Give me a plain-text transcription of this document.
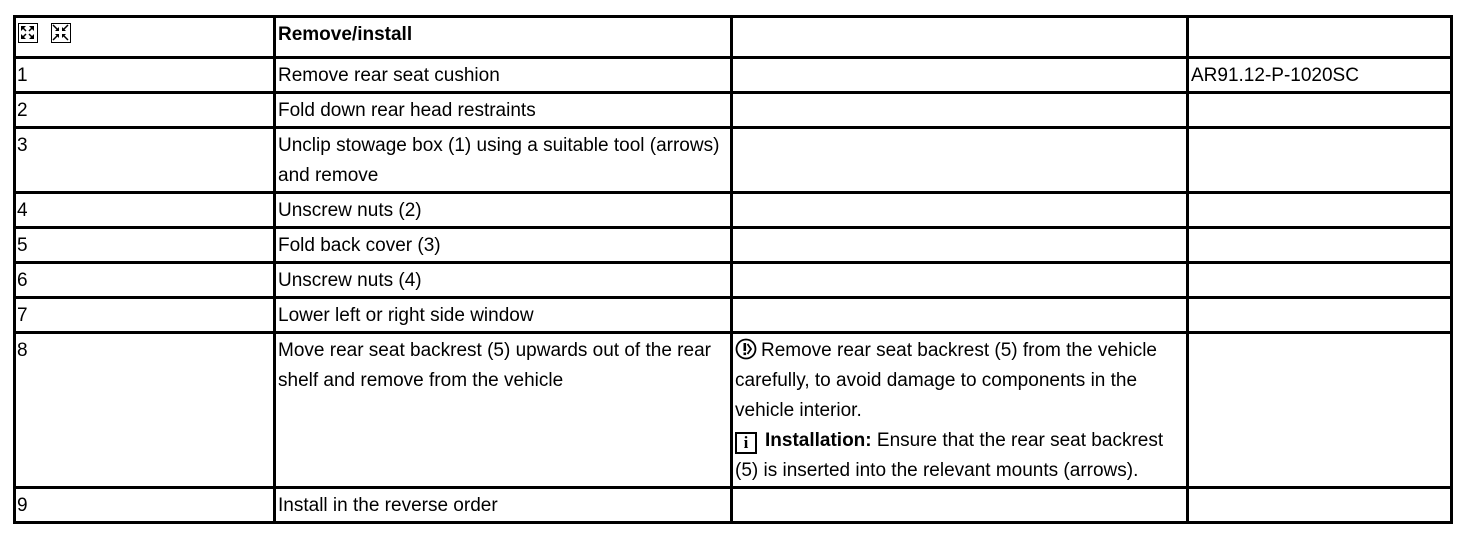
	Remove/install		
1	Remove rear seat cushion		AR91.12-P-1020SC
2	Fold down rear head restraints		
3	Unclip stowage box (1) using a suitable tool (arrows) and remove		
4	Unscrew nuts (2)		
5	Fold back cover (3)		
6	Unscrew nuts (4)		
7	Lower left or right side window		
8	Move rear seat backrest (5) upwards out of the rear shelf and remove from the vehicle	Remove rear seat backrest (5) from the vehicle carefully, to avoid damage to components in the vehicle interior.
i Installation: Ensure that the rear seat backrest (5) is inserted into the relevant mounts (arrows).	

9	Install in the reverse order		
